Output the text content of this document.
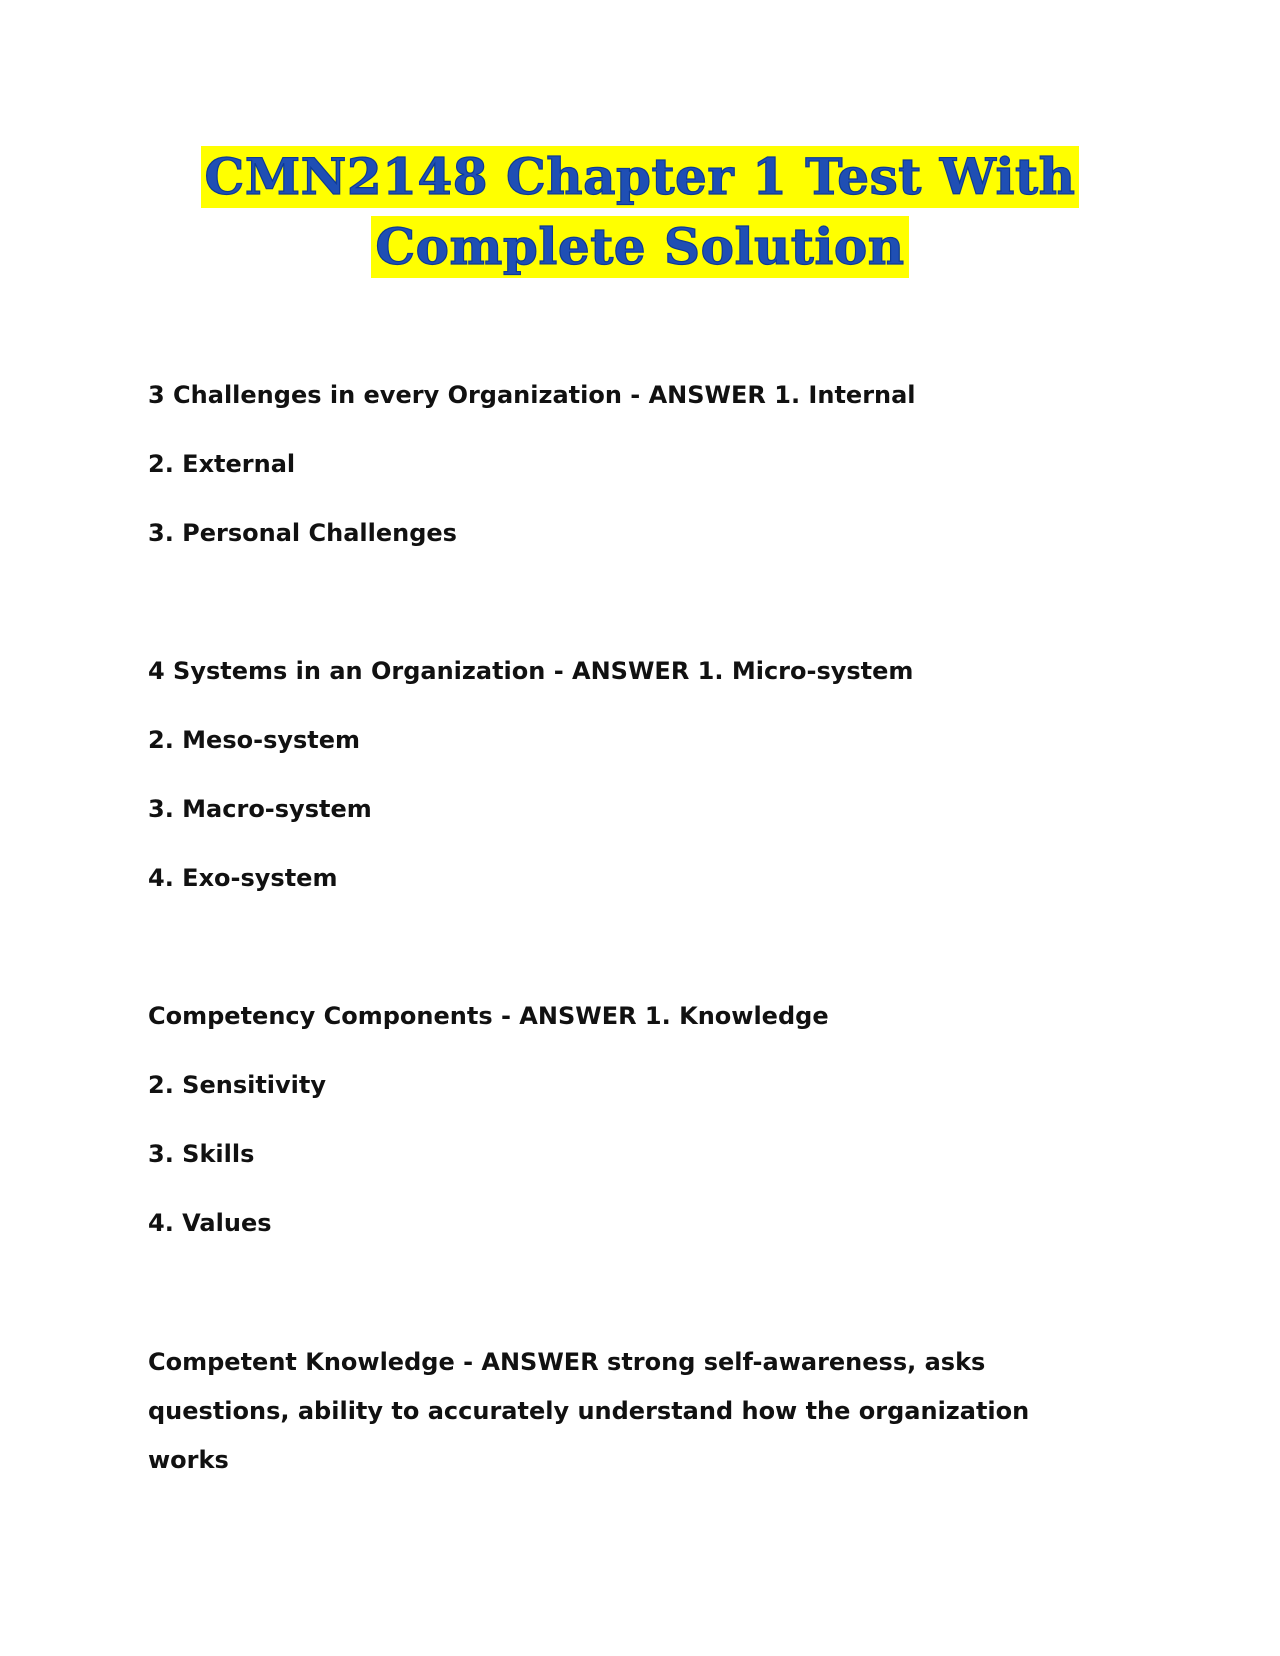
CMN2148 Chapter 1 Test With
Complete Solution
3 Challenges in every Organization - ANSWER 1. Internal
2. External
3. Personal Challenges
4 Systems in an Organization - ANSWER 1. Micro-system
2. Meso-system
3. Macro-system
4. Exo-system
Competency Components - ANSWER 1. Knowledge
2. Sensitivity
3. Skills
4. Values
Competent Knowledge - ANSWER strong self-awareness, asks questions, ability to accurately understand how the organization works
